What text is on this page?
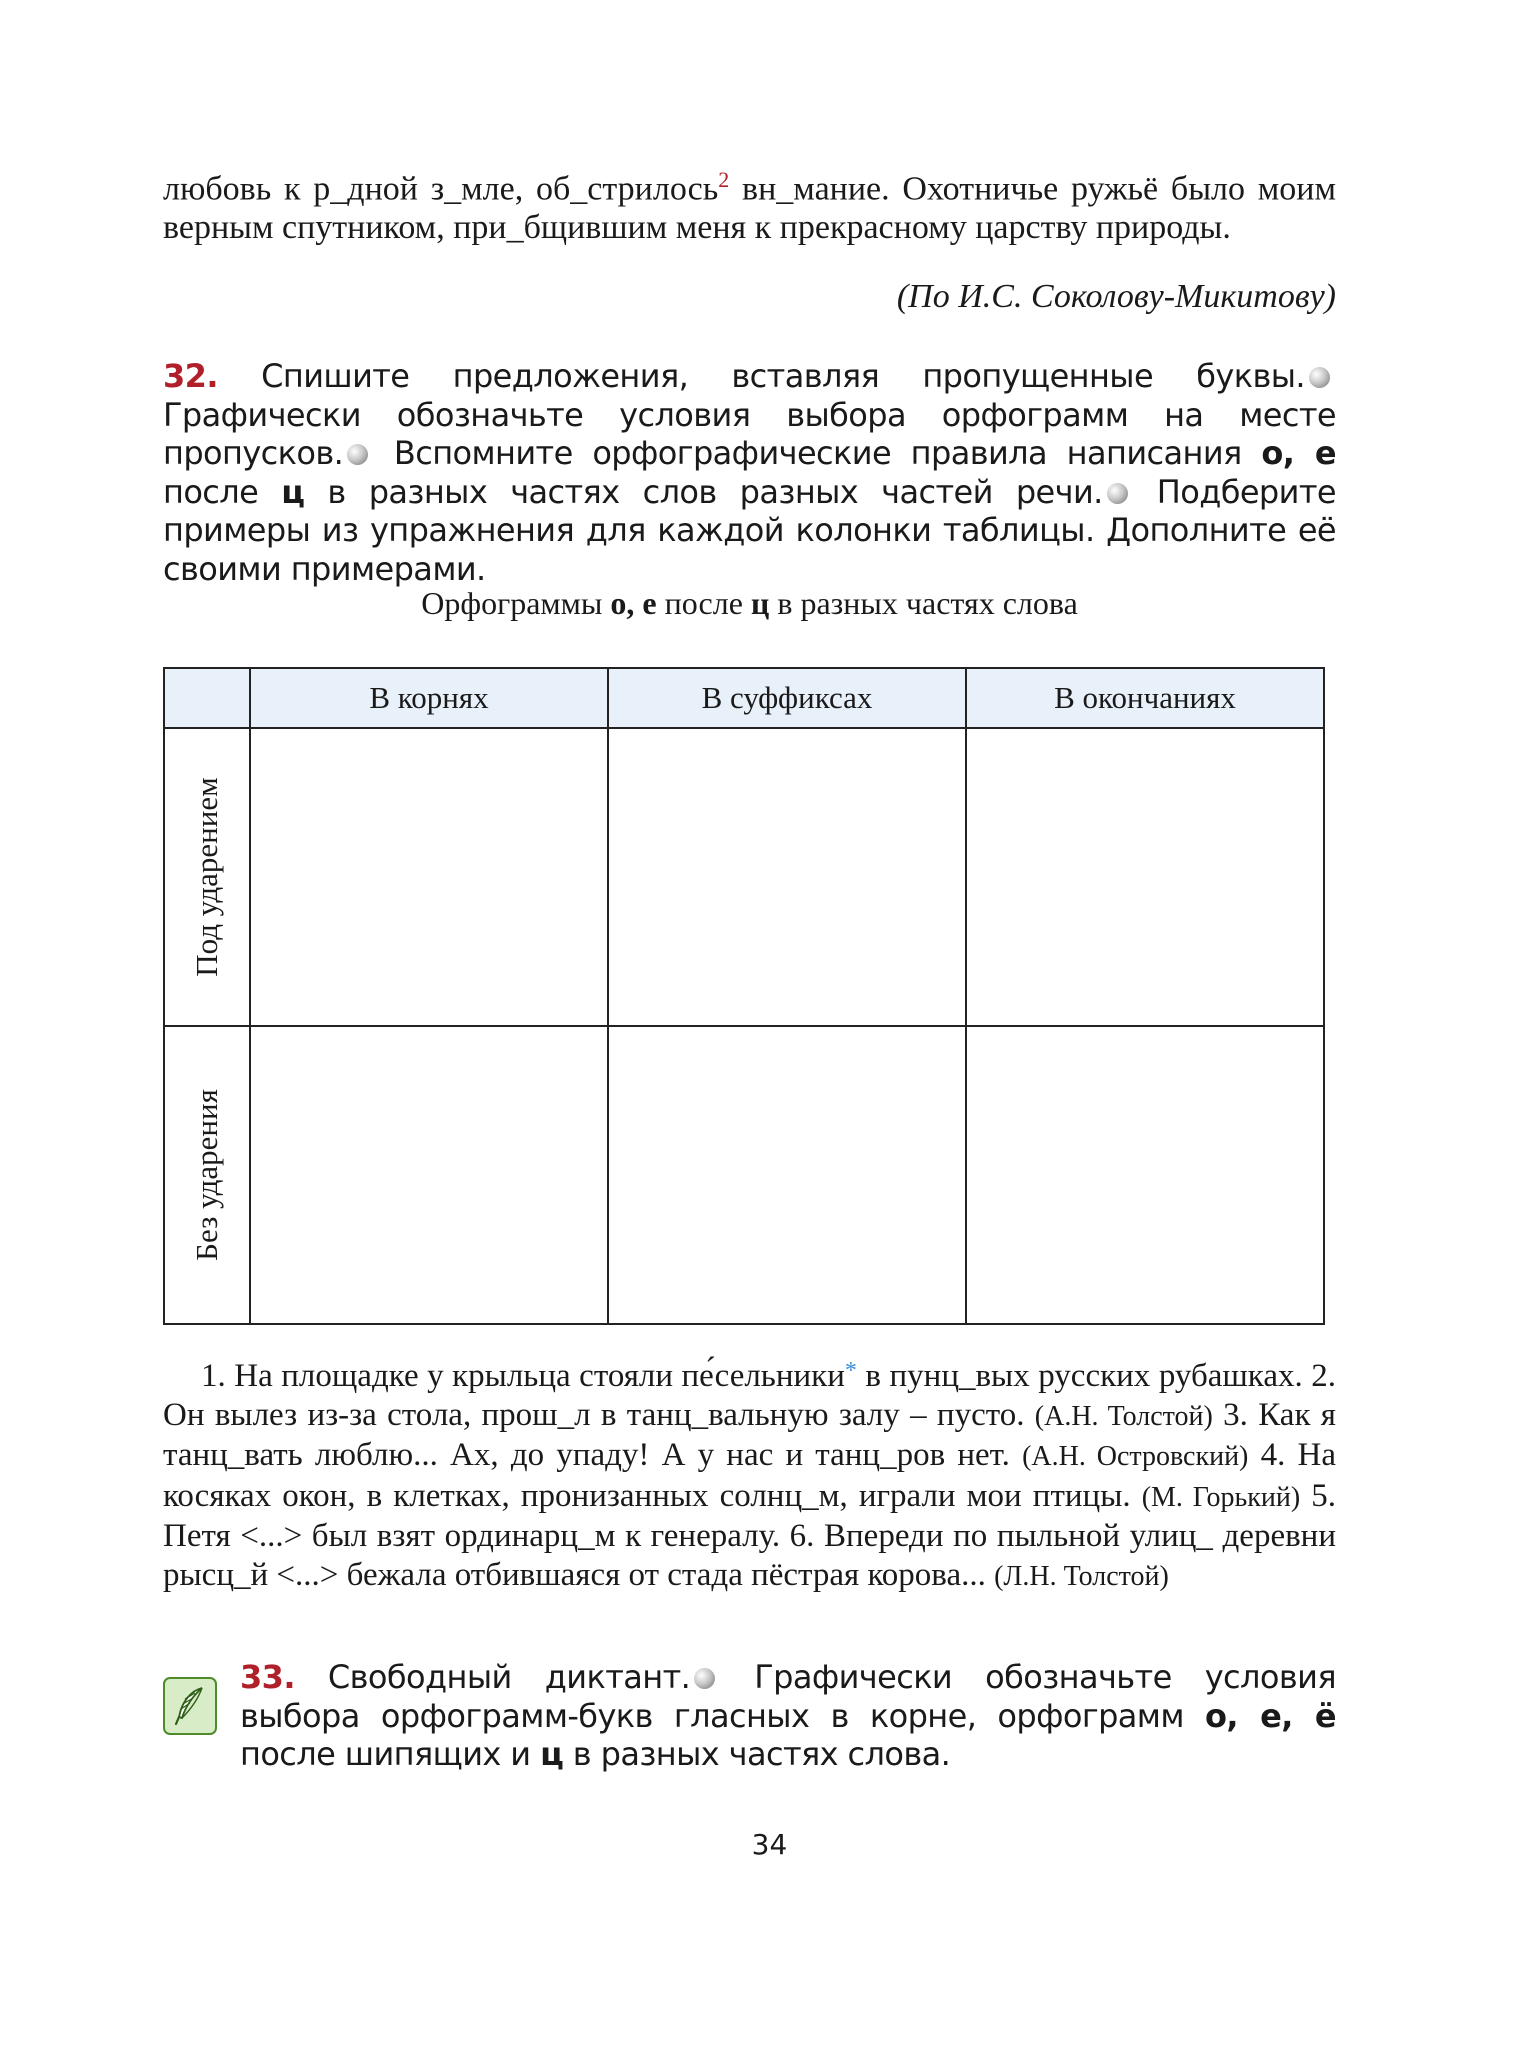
любовь к р_дной з_мле, об_стрилось$^2$ вн_мание. Охотничье ружьё было моим верным спутником, при_бщившим меня к прекрасному царству природы.
(По И.С. Соколову-Микитову)
32. Спишите предложения, вставляя пропущенные буквы. Графически обозначьте условия выбора орфограмм на месте пропусков. Вспомните орфографические правила написания о, е после ц в разных частях слов разных частей речи. Подберите примеры из упражнения для каждой колонки таблицы. Дополните её своими примерами.
Орфограммы о, е после ц в разных частях слова
	В корнях	В суффиксах	В окончаниях

Под ударением			

Без ударения			

1. На площадке у крыльца стояли пе́сельники* в пунц_вых русских рубашках. 2. Он вылез из-за стола, прош_л в танц_вальную залу – пусто. (А.Н. Толстой) 3. Как я танц_вать люблю... Ах, до упаду! А у нас и танц_ров нет. (А.Н. Островский) 4. На косяках окон, в клетках, пронизанных солнц_м, играли мои птицы. (М. Горький) 5. Петя <...> был взят ординарц_м к генералу. 6. Впереди по пыльной улиц_ деревни рысц_й <...> бежала отбившаяся от стада пёстрая корова... (Л.Н. Толстой)
33. Свободный диктант. Графически обозначьте условия выбора орфограмм-букв гласных в корне, орфограмм о, е, ё после шипящих и ц в разных частях слова.
34
